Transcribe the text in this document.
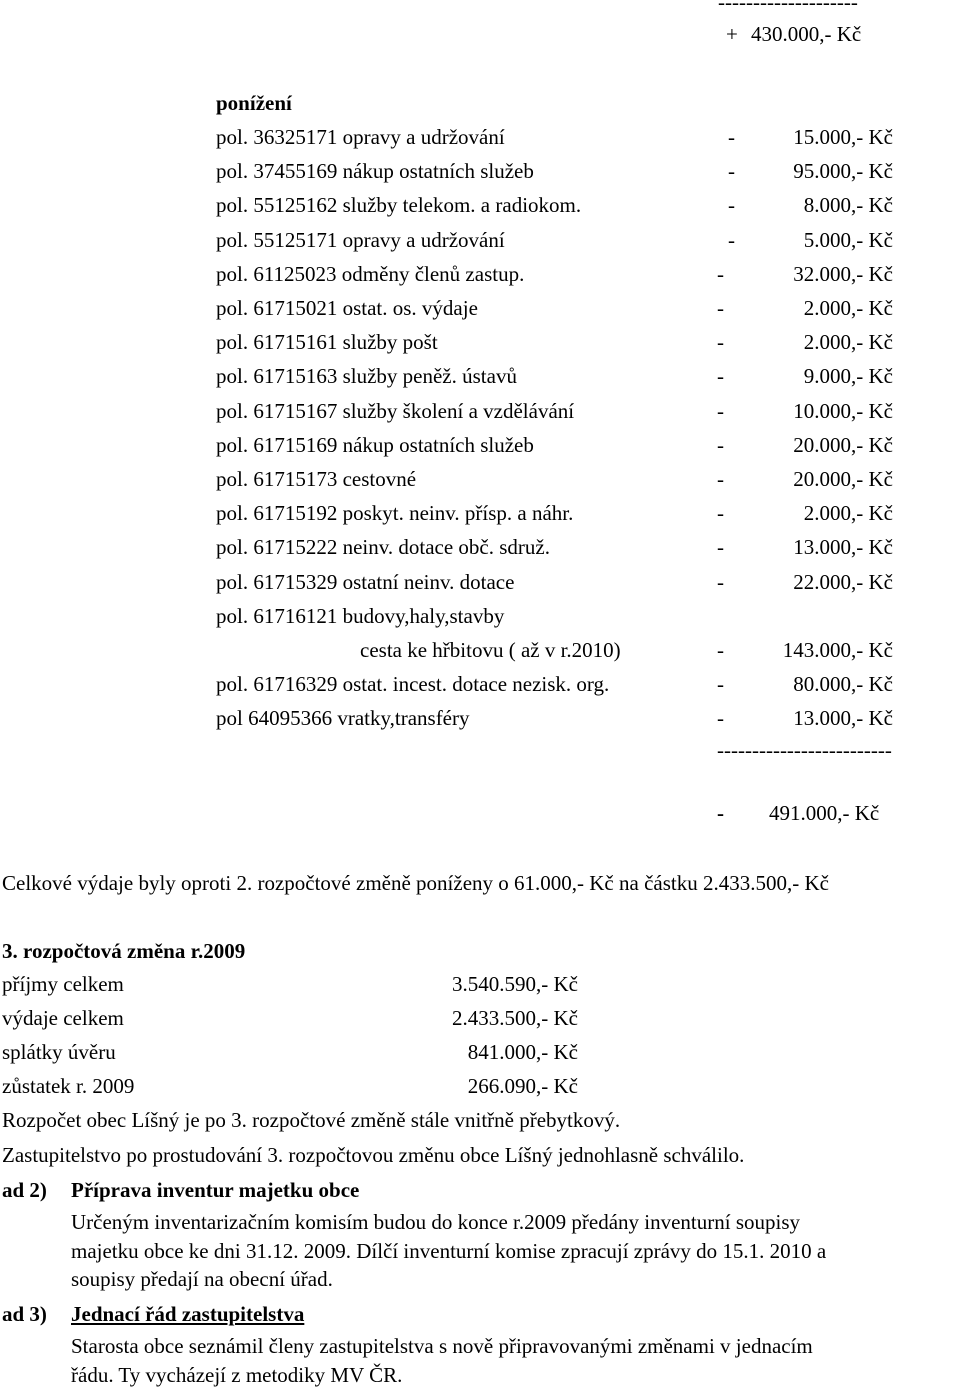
--------------------
+ 430.000,- Kč
ponížení
pol. 36325171 opravy a udržování	-	15.000,- Kč
pol. 37455169 nákup ostatních služeb	-	95.000,- Kč
pol. 55125162 služby telekom. a radiokom.	-	8.000,- Kč
pol. 55125171 opravy a udržování	-	5.000,- Kč
pol. 61125023 odměny členů zastup.	-	32.000,- Kč
pol. 61715021 ostat. os. výdaje	-	2.000,- Kč
pol. 61715161 služby pošt	-	2.000,- Kč
pol. 61715163 služby peněž. ústavů	-	9.000,- Kč
pol. 61715167 služby školení a vzdělávání	-	10.000,- Kč
pol. 61715169 nákup ostatních služeb	-	20.000,- Kč
pol. 61715173 cestovné	-	20.000,- Kč
pol. 61715192 poskyt. neinv. přísp. a náhr.	-	2.000,- Kč
pol. 61715222 neinv. dotace obč. sdruž.	-	13.000,- Kč
pol. 61715329 ostatní neinv. dotace	-	22.000,- Kč
pol. 61716121 budovy,haly,stavby
cesta ke hřbitovu ( až v r.2010)	-	143.000,- Kč
pol. 61716329 ostat. incest. dotace nezisk. org.	-	80.000,- Kč
pol 64095366 vratky,transféry	-	13.000,- Kč
-------------------------
- 491.000,- Kč
Celkové výdaje byly oproti 2. rozpočtové změně poníženy o 61.000,- Kč na částku 2.433.500,- Kč
3. rozpočtová změna r.2009
příjmy celkem	3.540.590,- Kč
výdaje celkem	2.433.500,- Kč
splátky úvěru	841.000,- Kč
zůstatek r. 2009	266.090,- Kč
Rozpočet obec Líšný je po 3. rozpočtové změně stále vnitřně přebytkový.
Zastupitelstvo po prostudování 3. rozpočtovou změnu obce Líšný jednohlasně schválilo.
ad 2) Příprava inventur majetku obce
Určeným inventarizačním komisím budou do konce r.2009 předány inventurní soupisy
majetku obce ke dni 31.12. 2009. Dílčí inventurní komise zpracují zprávy do 15.1. 2010 a
soupisy předají na obecní úřad.
ad 3) Jednací řád zastupitelstva
Starosta obce seznámil členy zastupitelstva s nově připravovanými změnami v jednacím
řádu. Ty vycházejí z metodiky MV ČR.
